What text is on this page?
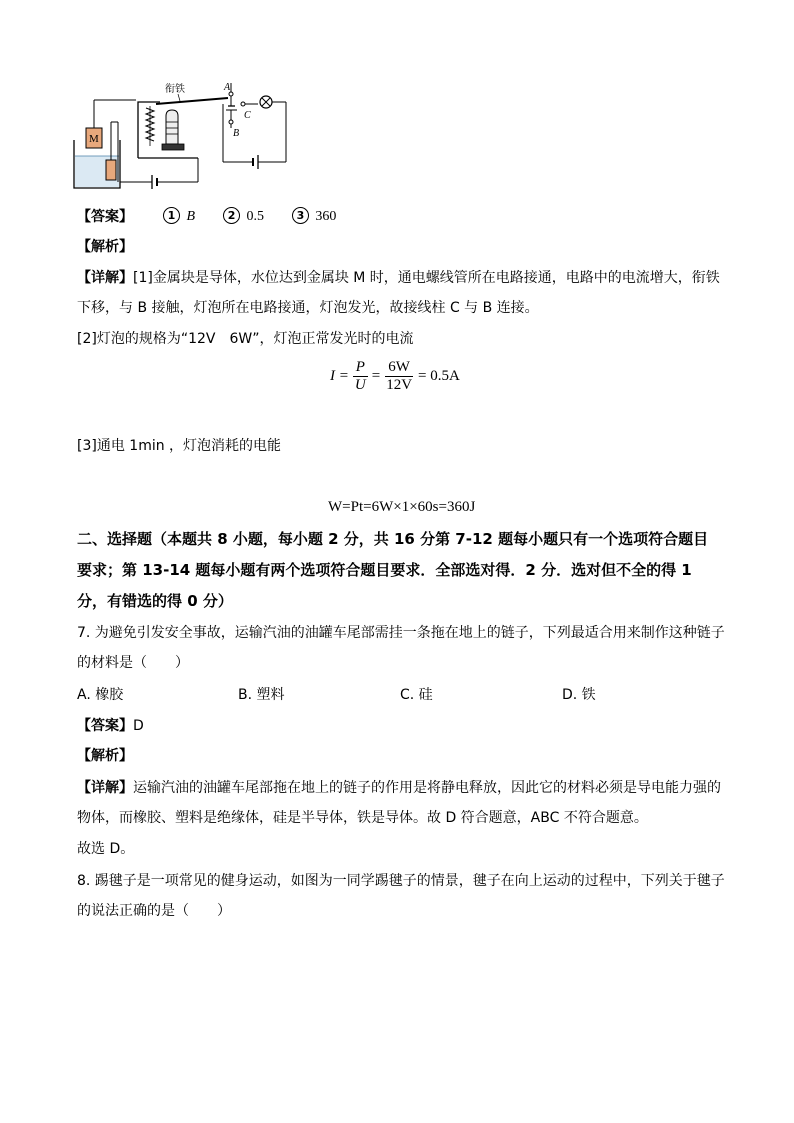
M
衔铁	A
B
C
【答案】	1 B	2 0.5	3 360
【解析】
【详解】[1]金属块是导体，水位达到金属块 M 时，通电螺线管所在电路接通，电路中的电流增大，衔铁
下移，与 B 接触，灯泡所在电路接通，灯泡发光，故接线柱 C 与 B 连接。
[2]灯泡的规格为“12V　6W”，灯泡正常发光时的电流
$I = \frac{P}{U} = \frac{6W}{12V} = 0.5A$
[3]通电 1min ，灯泡消耗的电能
W=Pt=6W×1×60s=360J
二、选择题（本题共 8 小题，每小题 2 分，共 16 分第 7-12 题每小题只有一个选项符合题目
要求；第 13-14 题每小题有两个选项符合题目要求．全部选对得．2 分．选对但不全的得 1
分，有错选的得 0 分）
7. 为避免引发安全事故，运输汽油的油罐车尾部需挂一条拖在地上的链子，下列最适合用来制作这种链子
的材料是（　　）
A. 橡胶	B. 塑料	C. 硅	D. 铁
【答案】D
【解析】
【详解】运输汽油的油罐车尾部拖在地上的链子的作用是将静电释放，因此它的材料必须是导电能力强的
物体，而橡胶、塑料是绝缘体，硅是半导体，铁是导体。故 D 符合题意，ABC 不符合题意。
故选 D。
8. 踢毽子是一项常见的健身运动，如图为一同学踢毽子的情景，毽子在向上运动的过程中，下列关于毽子
的说法正确的是（　　）
